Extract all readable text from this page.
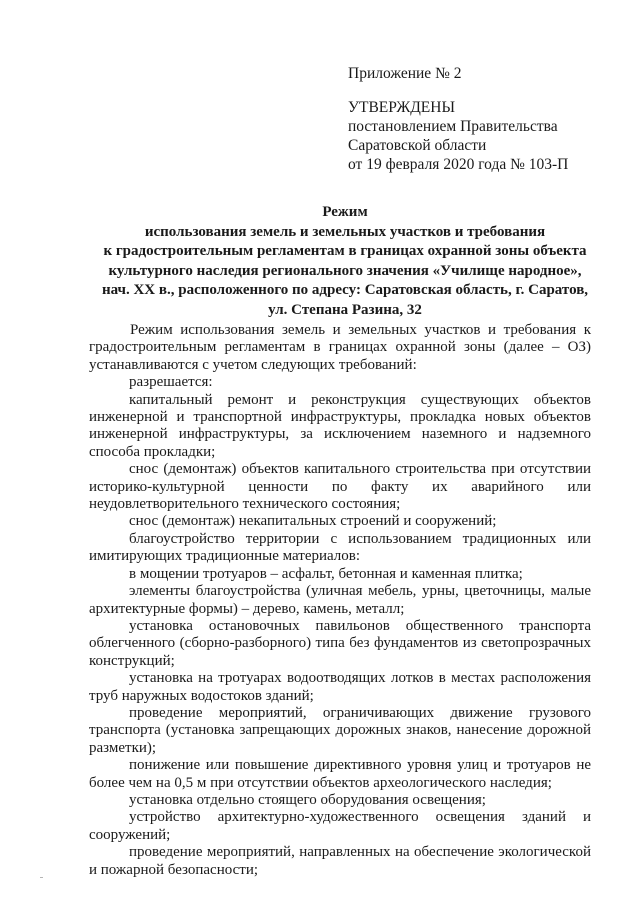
Приложение № 2

УТВЕРЖДЕНЫ

постановлением Правительства

Саратовской области

от 19 февраля 2020 года № 103-П

Режим
использования земель и земельных участков и требования
к градостроительным регламентам в границах охранной зоны объекта
культурного наследия регионального значения «Училище народное»,
нач. XX в., расположенного по адресу: Саратовская область, г. Саратов,
ул. Степана Разина, 32

Режим использования земель и земельных участков и требования к градостроительным регламентам в границах охранной зоны (далее – ОЗ) устанавливаются с учетом следующих требований:

разрешается:

капитальный ремонт и реконструкция существующих объектов инженерной и транспортной инфраструктуры, прокладка новых объектов инженерной инфраструктуры, за исключением наземного и надземного способа прокладки;

снос (демонтаж) объектов капитального строительства при отсутствии историко-культурной ценности по факту их аварийного или неудовлетворительного технического состояния;

снос (демонтаж) некапитальных строений и сооружений;

благоустройство территории с использованием традиционных или имитирующих традиционные материалов:

в мощении тротуаров – асфальт, бетонная и каменная плитка;

элементы благоустройства (уличная мебель, урны, цветочницы, малые архитектурные формы) – дерево, камень, металл;

установка остановочных павильонов общественного транспорта облегченного (сборно-разборного) типа без фундаментов из светопрозрачных конструкций;

установка на тротуарах водоотводящих лотков в местах расположения труб наружных водостоков зданий;

проведение мероприятий, ограничивающих движение грузового транспорта (установка запрещающих дорожных знаков, нанесение дорожной разметки);

понижение или повышение директивного уровня улиц и тротуаров не более чем на 0,5 м при отсутствии объектов археологического наследия;

установка отдельно стоящего оборудования освещения;

устройство архитектурно-художественного освещения зданий и сооружений;

проведение мероприятий, направленных на обеспечение экологической и пожарной безопасности;
